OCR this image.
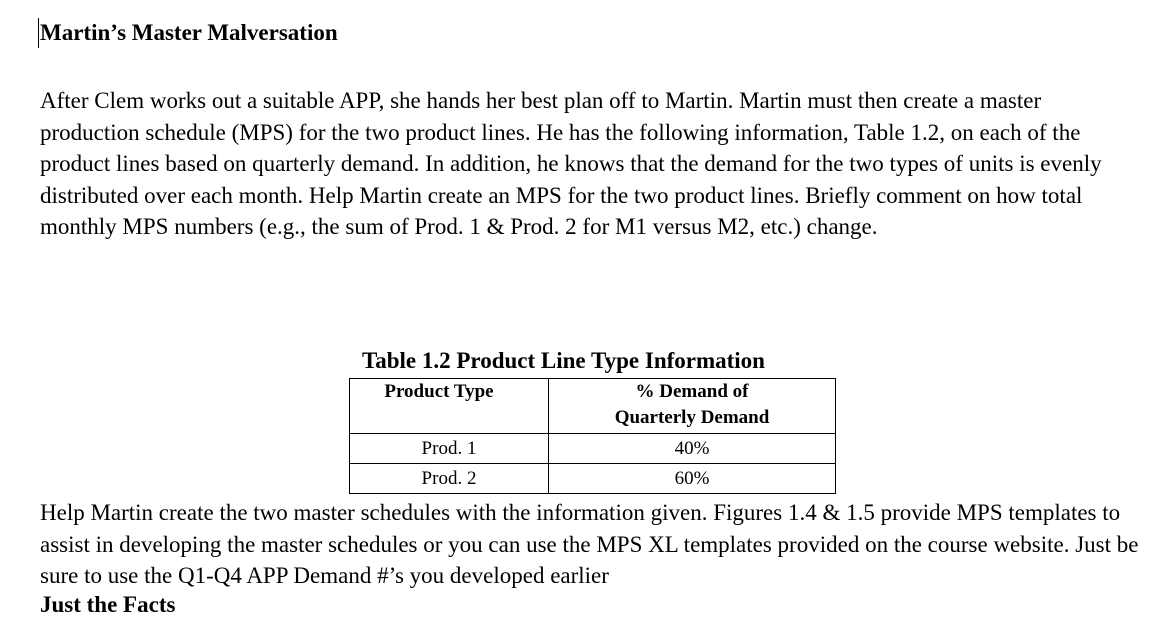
Martin’s Master Malversation

After Clem works out a suitable APP, she hands her best plan off to Martin. Martin must then create a master production schedule (MPS) for the two product lines. He has the following information, Table 1.2, on each of the product lines based on quarterly demand. In addition, he knows that the demand for the two types of units is evenly distributed over each month. Help Martin create an MPS for the two product lines. Briefly comment on how total monthly MPS numbers (e.g., the sum of Prod. 1 & Prod. 2 for M1 versus M2, etc.) change.

Table 1.2 Product Line Type Information
Product Type	% Demand of
Quarterly Demand
Prod. 1	40%
Prod. 2	60%

Help Martin create the two master schedules with the information given. Figures 1.4 & 1.5 provide MPS templates to assist in developing the master schedules or you can use the MPS XL templates provided on the course website. Just be sure to use the Q1-Q4 APP Demand #’s you developed earlier

Just the Facts
